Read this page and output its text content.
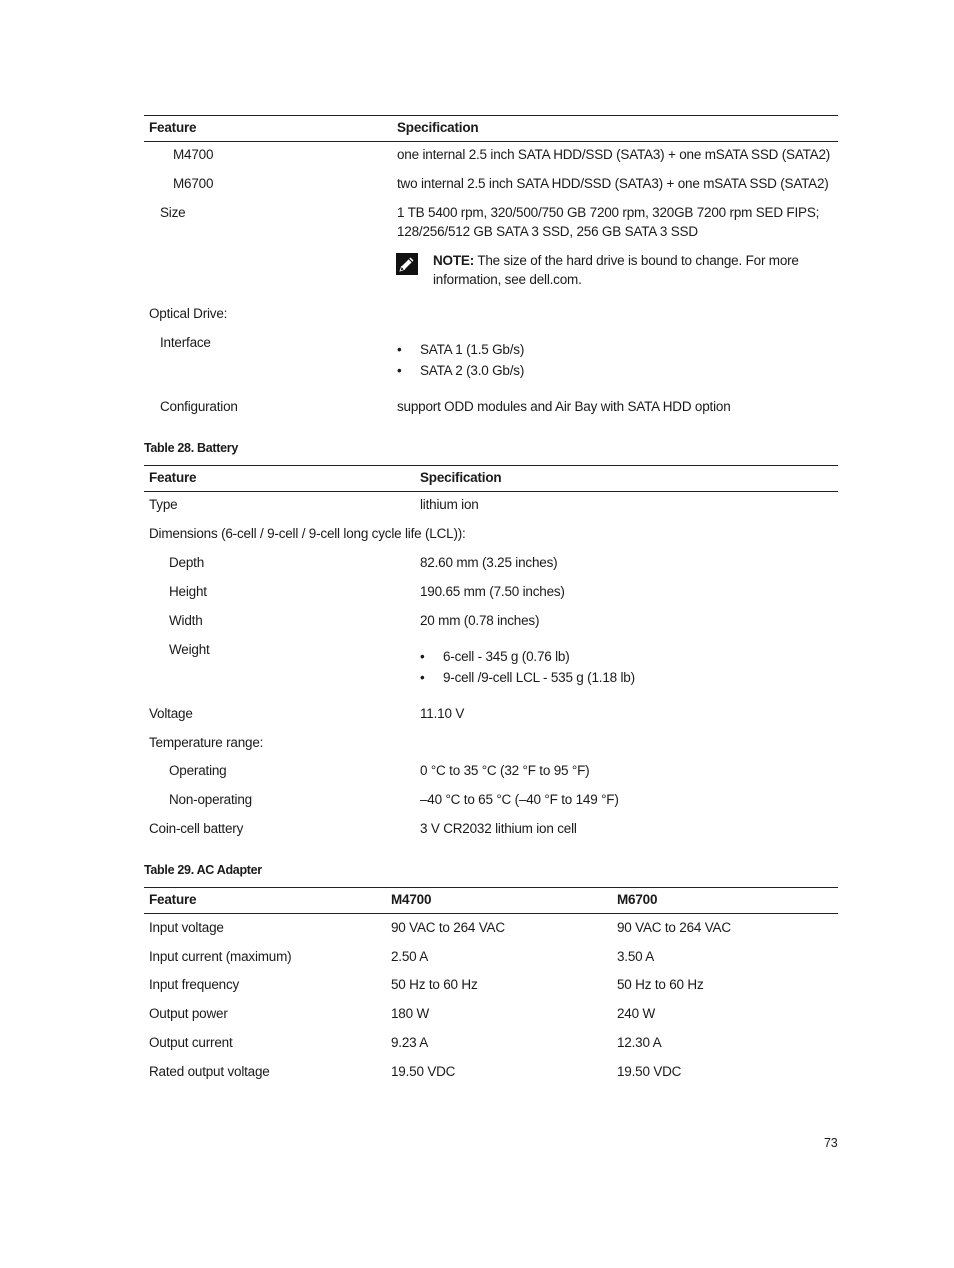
Feature	Specification
M4700	one internal 2.5 inch SATA HDD/SSD (SATA3) + one mSATA SSD (SATA2)
M6700	two internal 2.5 inch SATA HDD/SSD (SATA3) + one mSATA SSD (SATA2)
Size	1 TB 5400 rpm, 320/500/750 GB 7200 rpm, 320GB 7200 rpm SED FIPS;
128/256/512 GB SATA 3 SSD, 256 GB SATA 3 SSD
NOTE: The size of the hard drive is bound to change. For more
information, see dell.com.
Optical Drive:
Interface	• SATA 1 (1.5 Gb/s)
• SATA 2 (3.0 Gb/s)
Configuration	support ODD modules and Air Bay with SATA HDD option
Table 28. Battery
Feature	Specification
Type	lithium ion
Dimensions (6-cell / 9-cell / 9-cell long cycle life (LCL)):
Depth	82.60 mm (3.25 inches)
Height	190.65 mm (7.50 inches)
Width	20 mm (0.78 inches)
Weight	• 6-cell - 345 g (0.76 lb)
• 9-cell /9-cell LCL - 535 g (1.18 lb)
Voltage	11.10 V
Temperature range:
Operating	0 °C to 35 °C (32 °F to 95 °F)
Non-operating	–40 °C to 65 °C (–40 °F to 149 °F)
Coin-cell battery	3 V CR2032 lithium ion cell
Table 29. AC Adapter
Feature	M4700	M6700
Input voltage	90 VAC to 264 VAC	90 VAC to 264 VAC
Input current (maximum)	2.50 A	3.50 A
Input frequency	50 Hz to 60 Hz	50 Hz to 60 Hz
Output power	180 W	240 W
Output current	9.23 A	12.30 A
Rated output voltage	19.50 VDC	19.50 VDC
73
